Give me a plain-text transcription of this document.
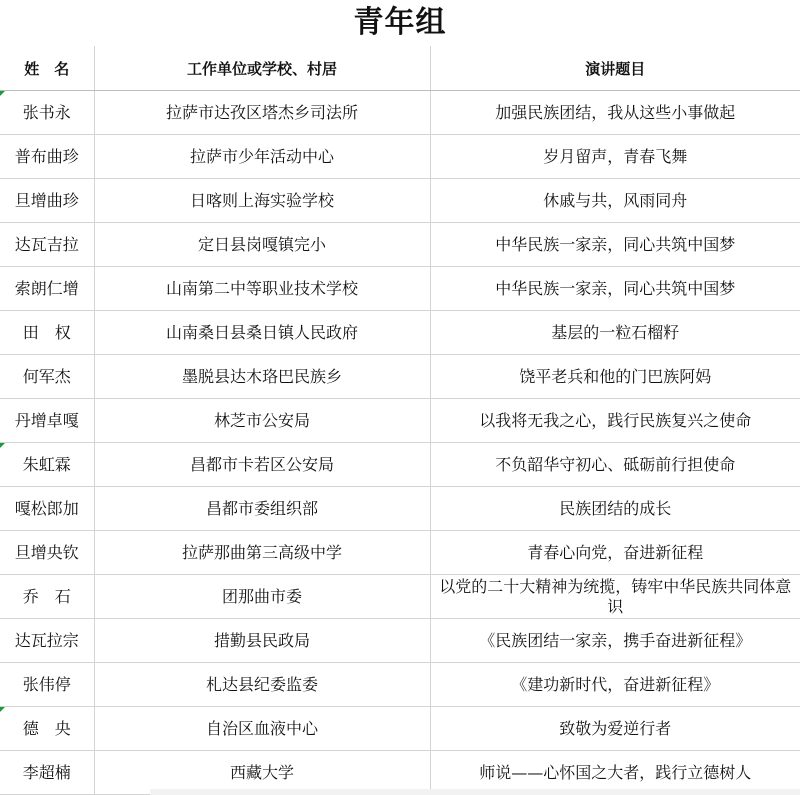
青年组
姓　名	工作单位或学校、村居	演讲题目
张书永	拉萨市达孜区塔杰乡司法所	加强民族团结，我从这些小事做起
普布曲珍	拉萨市少年活动中心	岁月留声，青春飞舞
旦增曲珍	日喀则上海实验学校	休戚与共，风雨同舟
达瓦吉拉	定日县岗嘎镇完小	中华民族一家亲，同心共筑中国梦
索朗仁增	山南第二中等职业技术学校	中华民族一家亲，同心共筑中国梦
田　权	山南桑日县桑日镇人民政府	基层的一粒石榴籽
何军杰	墨脱县达木珞巴民族乡	饶平老兵和他的门巴族阿妈
丹增卓嘎	林芝市公安局	以我将无我之心，践行民族复兴之使命
朱虹霖	昌都市卡若区公安局	不负韶华守初心、砥砺前行担使命
嘎松郎加	昌都市委组织部	民族团结的成长
旦增央钦	拉萨那曲第三高级中学	青春心向党，奋进新征程
乔　石	团那曲市委	以党的二十大精神为统揽，铸牢中华民族共同体意识
达瓦拉宗	措勤县民政局	《民族团结一家亲，携手奋进新征程》
张伟停	札达县纪委监委	《建功新时代，奋进新征程》
德　央	自治区血液中心	致敬为爱逆行者
李超楠	西藏大学	师说——心怀国之大者，践行立德树人
